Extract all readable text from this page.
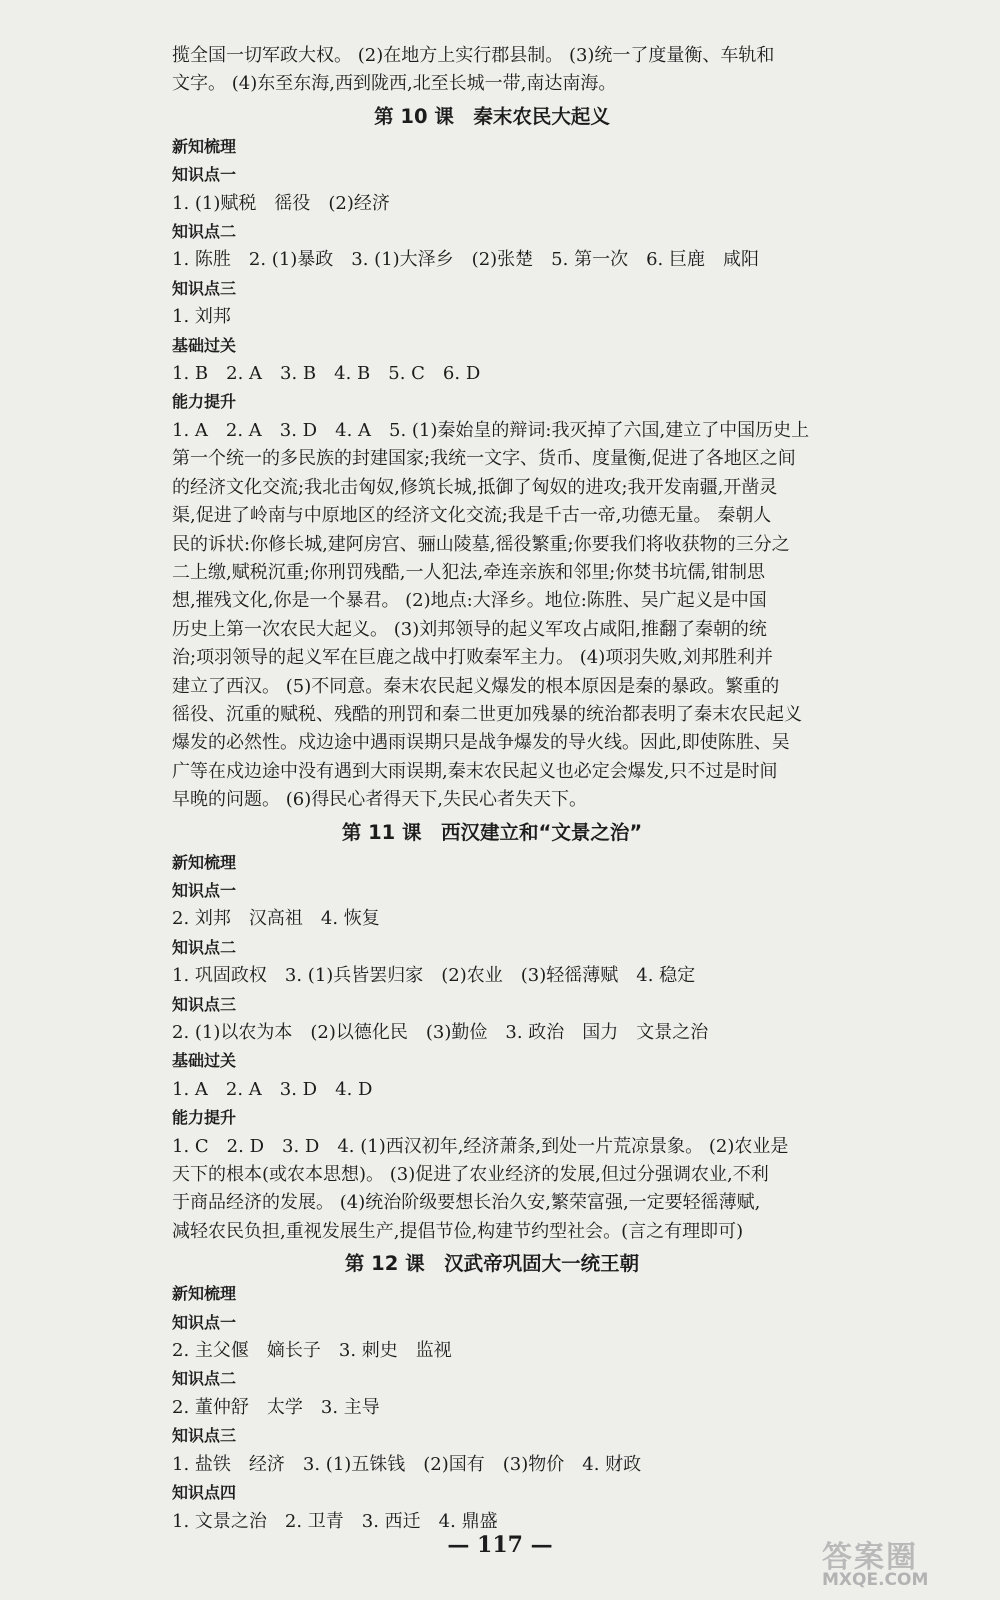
揽全国一切军政大权。 (2)在地方上实行郡县制。 (3)统一了度量衡、车轨和

文字。 (4)东至东海,西到陇西,北至长城一带,南达南海。

第 10 课　秦末农民大起义

新知梳理

知识点一

1. (1)赋税　徭役　(2)经济

知识点二

1. 陈胜　2. (1)暴政　3. (1)大泽乡　(2)张楚　5. 第一次　6. 巨鹿　咸阳

知识点三

1. 刘邦

基础过关

1. B　2. A　3. B　4. B　5. C　6. D

能力提升

1. A　2. A　3. D　4. A　5. (1)秦始皇的辩词:我灭掉了六国,建立了中国历史上

第一个统一的多民族的封建国家;我统一文字、货币、度量衡,促进了各地区之间

的经济文化交流;我北击匈奴,修筑长城,抵御了匈奴的进攻;我开发南疆,开凿灵

渠,促进了岭南与中原地区的经济文化交流;我是千古一帝,功德无量。 秦朝人

民的诉状:你修长城,建阿房宫、骊山陵墓,徭役繁重;你要我们将收获物的三分之

二上缴,赋税沉重;你刑罚残酷,一人犯法,牵连亲族和邻里;你焚书坑儒,钳制思

想,摧残文化,你是一个暴君。 (2)地点:大泽乡。地位:陈胜、吴广起义是中国

历史上第一次农民大起义。 (3)刘邦领导的起义军攻占咸阳,推翻了秦朝的统

治;项羽领导的起义军在巨鹿之战中打败秦军主力。 (4)项羽失败,刘邦胜利并

建立了西汉。 (5)不同意。秦末农民起义爆发的根本原因是秦的暴政。繁重的

徭役、沉重的赋税、残酷的刑罚和秦二世更加残暴的统治都表明了秦末农民起义

爆发的必然性。戍边途中遇雨误期只是战争爆发的导火线。因此,即使陈胜、吴

广等在戍边途中没有遇到大雨误期,秦末农民起义也必定会爆发,只不过是时间

早晚的问题。 (6)得民心者得天下,失民心者失天下。

第 11 课　西汉建立和“文景之治”

新知梳理

知识点一

2. 刘邦　汉高祖　4. 恢复

知识点二

1. 巩固政权　3. (1)兵皆罢归家　(2)农业　(3)轻徭薄赋　4. 稳定

知识点三

2. (1)以农为本　(2)以德化民　(3)勤俭　3. 政治　国力　文景之治

基础过关

1. A　2. A　3. D　4. D

能力提升

1. C　2. D　3. D　4. (1)西汉初年,经济萧条,到处一片荒凉景象。 (2)农业是

天下的根本(或农本思想)。 (3)促进了农业经济的发展,但过分强调农业,不利

于商品经济的发展。 (4)统治阶级要想长治久安,繁荣富强,一定要轻徭薄赋,

减轻农民负担,重视发展生产,提倡节俭,构建节约型社会。(言之有理即可)

第 12 课　汉武帝巩固大一统王朝

新知梳理

知识点一

2. 主父偃　嫡长子　3. 刺史　监视

知识点二

2. 董仲舒　太学　3. 主导

知识点三

1. 盐铁　经济　3. (1)五铢钱　(2)国有　(3)物价　4. 财政

知识点四

1. 文景之治　2. 卫青　3. 西迁　4. 鼎盛

— 117 —	答案圈
MXQE.COM
